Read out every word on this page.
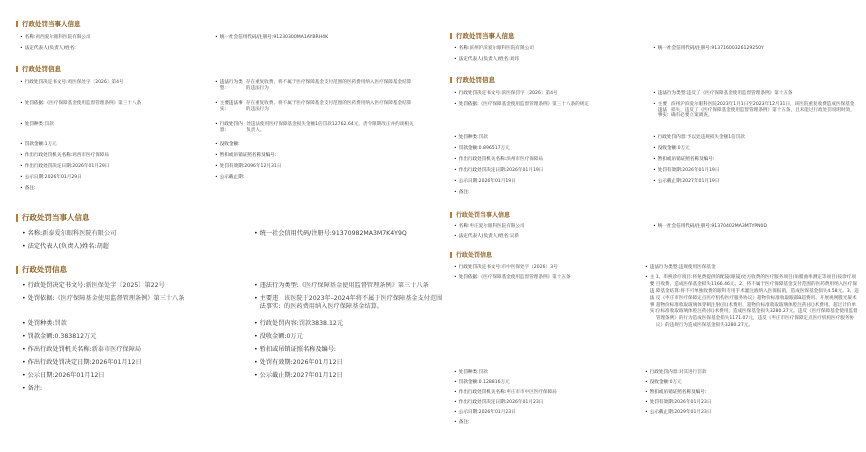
行政处罚当事人信息
• 名称: 鸡西爱尔眼科医院有限公司	• 统一社会信用代码/注册号: 91230300MA1AYBRH4K
• 法定代表人(负责人)姓名:
行政处罚信息
• 行政处罚决定书文号: 鸡医保处字〔2026〕第4号	• 违法行为类型:
存在重复收费、将不属于医疗保障基金支付范围的医药费用纳入医疗保障基金结算的违法行为
• 处罚依据: 《医疗保障基金使用监督管理条例》第三十八条	• 主要违法事实:
存在重复收费、将不属于医疗保障基金支付范围的医药费用纳入医疗保障基金结算的违法行为
• 处罚种类: 罚款	• 行政处罚内容:
处违法使用医疗保障基金损失金额1倍罚款12762.64元，责令限期改正并约谈相关负责人。
• 罚款金额: 1万元	• 没收金额:
• 作出行政处罚机关名称: 鸡西市医疗保障局	• 暂扣或吊销证照名称及编号:
• 作出行政处罚决定日期: 2026年01月29日	• 处罚有效期: 2096年12月31日
• 公示日期: 2026年01月29日	• 公示截止期:
• 备注:
行政处罚当事人信息
• 名称: 新泰爱尔眼科医院有限公司	• 统一社会信用代码/注册号: 91370982MA3M7K4Y9Q
• 法定代表人(负责人)姓名: 胡超
行政处罚信息
• 行政处罚决定书文号: 新医保处字〔2025〕第22号	• 违法行为类型: 《医疗保障基金使用监督管理条例》第三十八条
• 处罚依据: 《医疗保障基金使用监督管理条例》第三十八条	• 主要违法事实:
该医院于2023年–2024年将不属于医疗保障基金支付范围的医药费用纳入医疗保障基金结算。
• 处罚种类: 罚款	• 行政处罚内容: 罚款3838.12元
• 罚款金额: 0.383812万元	• 没收金额: 0万元
• 作出行政处罚机关名称: 新泰市医疗保障局	• 暂扣或吊销证照名称及编号:
• 作出行政处罚决定日期: 2026年01月12日	• 处罚有效期: 2026年01月12日
• 公示日期: 2026年01月12日	• 公示截止期: 2027年01月12日
• 备注:
行政处罚当事人信息
• 名称: 滨州沪滨爱尔眼科医院有限公司	• 统一社会信用代码/注册号: 91371600326129250Y
• 法定代表人(负责人)姓名: 刘炜
行政处罚信息
• 行政处罚决定书文号: 滨医保罚字〔2026〕第4号	• 违法行为类型: 违反了《医疗保障基金使用监督管理条例》第十五条
• 处罚依据: 《医疗保障基金使用监督管理条例》第三十八条的规定	• 主要违法事实:
滨州沪滨爱尔眼科医院2023年1月1日至2023年12月31日，该医院重复收费造成医保基金损失，违反了《医疗保障基金使用监督管理条例》第十五条，且未能过行政处罚说明时效，确有必要立案调查。
• 处罚种类: 罚款	• 行政处罚内容: 予以处违规损失金额1倍罚款
• 罚款金额: 0.896517万元	• 没收金额: 0万元
• 作出行政处罚机关名称: 滨州市医疗保障局	• 暂扣或吊销证照名称及编号:
• 作出行政处罚决定日期: 2026年01月19日	• 处罚有效期: 2026年01月19日
• 公示日期: 2026年01月19日	• 公示截止期: 2027年01月19日
• 备注:
行政处罚当事人信息
• 名称: 枣庄爱尔眼科医院有限公司	• 统一社会信用代码/注册号: 91370402MA3MTYPN0D
• 法定代表人(负责人)姓名: 吴新
行政处罚信息
• 行政处罚决定书文号: 市中医保处字（2026）3号	• 违法行为类型: 违规使用医保基金
• 处罚依据: 《医疗保障基金使用监督管理条例》第十五条	• 主要违法事实:
1、串换诊疗项目:将免费提供的配镜(眼镜)处方收费的医疗服务项目(角膜曲率测定等项目)按诊疗项目收费，造成医保基金损失1166.46元。2、将不属于医疗保障基金支付范围的医药费用纳入医疗保障基金结算:将不可单独收费的眼科专用手术灌注液纳入医保报销，造成医保基金损失4.58元。3、违反《枣庄市医疗保障定点医疗机构医疗服务协议》超物价标准收取眼部B超费用、开展视网膜光凝术超物价标准收取玻璃体穿刺注射(抗)术费用、超物价标准收取玻璃体腔注药(抗)术费用。超过计价单位标准收取玻璃体腔注药(抗)术费用，造成医保基金损失3280.27元。违反《医疗保障基金使用监督管理条例》的行为造成医保基金损失1171.07元，违反《枣庄市医疗保障定点医疗机构医疗服务协议》的违规行为造成医保基金损失3280.27元。
• 处罚种类: 罚款	• 行政处罚内容: 对其进行罚款
• 罚款金额: 0.128816万元	• 没收金额: 0万元
• 作出行政处罚机关名称: 枣庄市市中区医疗保障局	• 暂扣或吊销证照名称及编号:
• 作出行政处罚决定日期: 2026年01月23日	• 处罚有效期: 2026年01月23日
• 公示日期: 2026年01月23日	• 公示截止期: 2029年01月23日
• 备注:
